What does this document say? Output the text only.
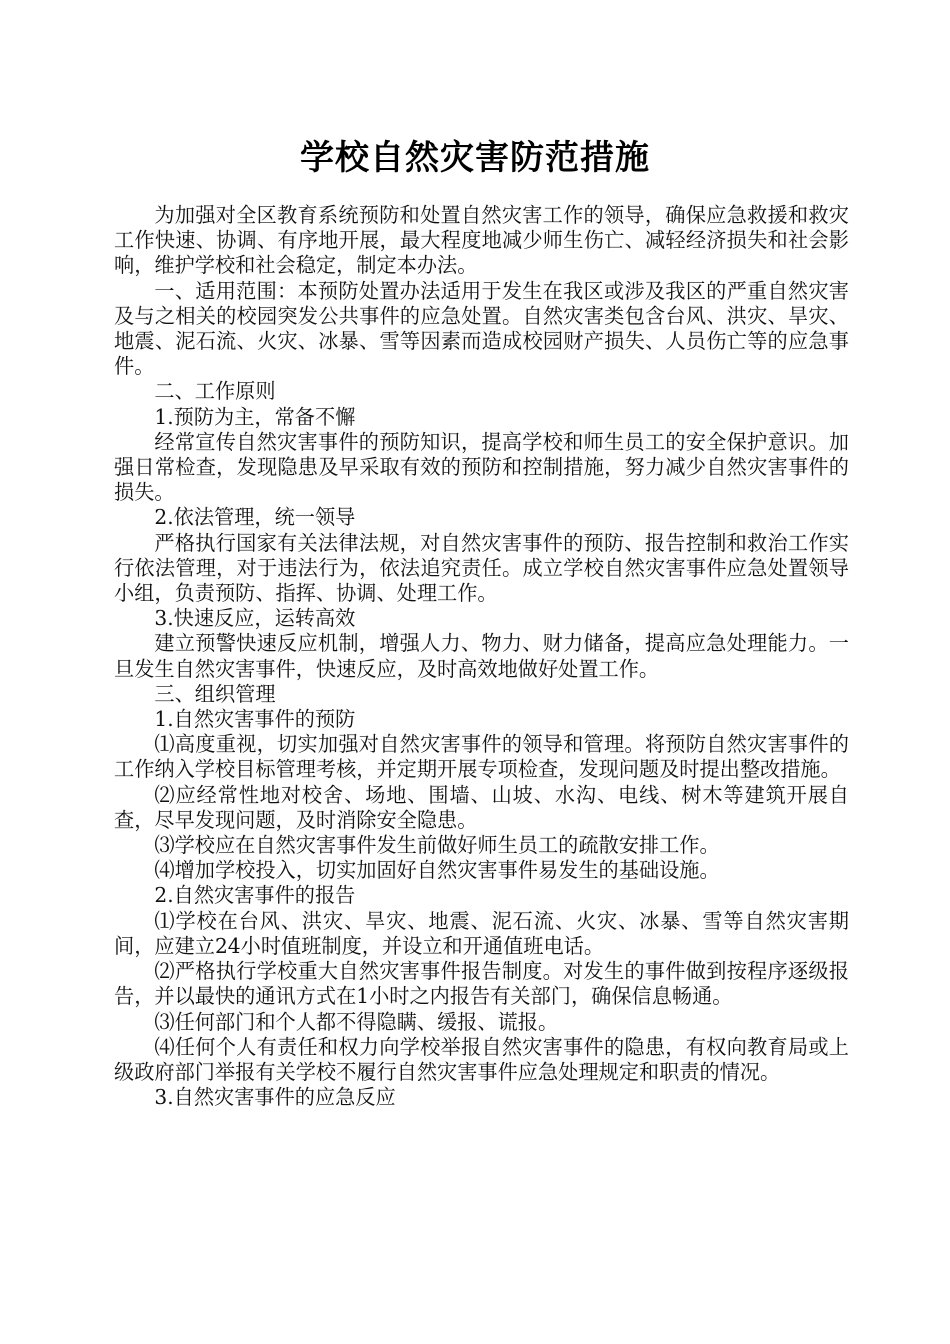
学校自然灾害防范措施

为加强对全区教育系统预防和处置自然灾害工作的领导，确保应急救援和救灾工作快速、协调、有序地开展，最大程度地减少师生伤亡、减轻经济损失和社会影响，维护学校和社会稳定，制定本办法。

一、适用范围：本预防处置办法适用于发生在我区或涉及我区的严重自然灾害及与之相关的校园突发公共事件的应急处置。自然灾害类包含台风、洪灾、旱灾、地震、泥石流、火灾、冰暴、雪等因素而造成校园财产损失、人员伤亡等的应急事件。

二、工作原则

1.预防为主，常备不懈

经常宣传自然灾害事件的预防知识，提高学校和师生员工的安全保护意识。加强日常检查，发现隐患及早采取有效的预防和控制措施，努力减少自然灾害事件的损失。

2.依法管理，统一领导

严格执行国家有关法律法规，对自然灾害事件的预防、报告控制和救治工作实行依法管理，对于违法行为，依法追究责任。成立学校自然灾害事件应急处置领导小组，负责预防、指挥、协调、处理工作。

3.快速反应，运转高效

建立预警快速反应机制，增强人力、物力、财力储备，提高应急处理能力。一旦发生自然灾害事件，快速反应，及时高效地做好处置工作。

三、组织管理

1.自然灾害事件的预防

⑴高度重视，切实加强对自然灾害事件的领导和管理。将预防自然灾害事件的工作纳入学校目标管理考核，并定期开展专项检查，发现问题及时提出整改措施。

⑵应经常性地对校舍、场地、围墙、山坡、水沟、电线、树木等建筑开展自查，尽早发现问题，及时消除安全隐患。

⑶学校应在自然灾害事件发生前做好师生员工的疏散安排工作。

⑷增加学校投入，切实加固好自然灾害事件易发生的基础设施。

2.自然灾害事件的报告

⑴学校在台风、洪灾、旱灾、地震、泥石流、火灾、冰暴、雪等自然灾害期间，应建立24小时值班制度，并设立和开通值班电话。

⑵严格执行学校重大自然灾害事件报告制度。对发生的事件做到按程序逐级报告，并以最快的通讯方式在1小时之内报告有关部门，确保信息畅通。

⑶任何部门和个人都不得隐瞒、缓报、谎报。

⑷任何个人有责任和权力向学校举报自然灾害事件的隐患，有权向教育局或上级政府部门举报有关学校不履行自然灾害事件应急处理规定和职责的情况。

3.自然灾害事件的应急反应
